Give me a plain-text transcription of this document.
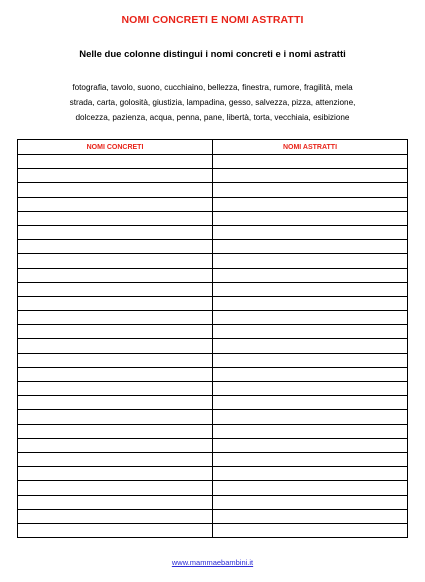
NOMI CONCRETI E NOMI ASTRATTI
Nelle due colonne distingui i nomi concreti e i nomi astratti
fotografia, tavolo, suono, cucchiaino, bellezza, finestra, rumore, fragilità, mela
strada, carta, golosità, giustizia, lampadina, gesso, salvezza, pizza, attenzione,
dolcezza, pazienza, acqua, penna, pane, libertà, torta, vecchiaia, esibizione
NOMI CONCRETI	NOMI ASTRATTI

www.mammaebambini.it
